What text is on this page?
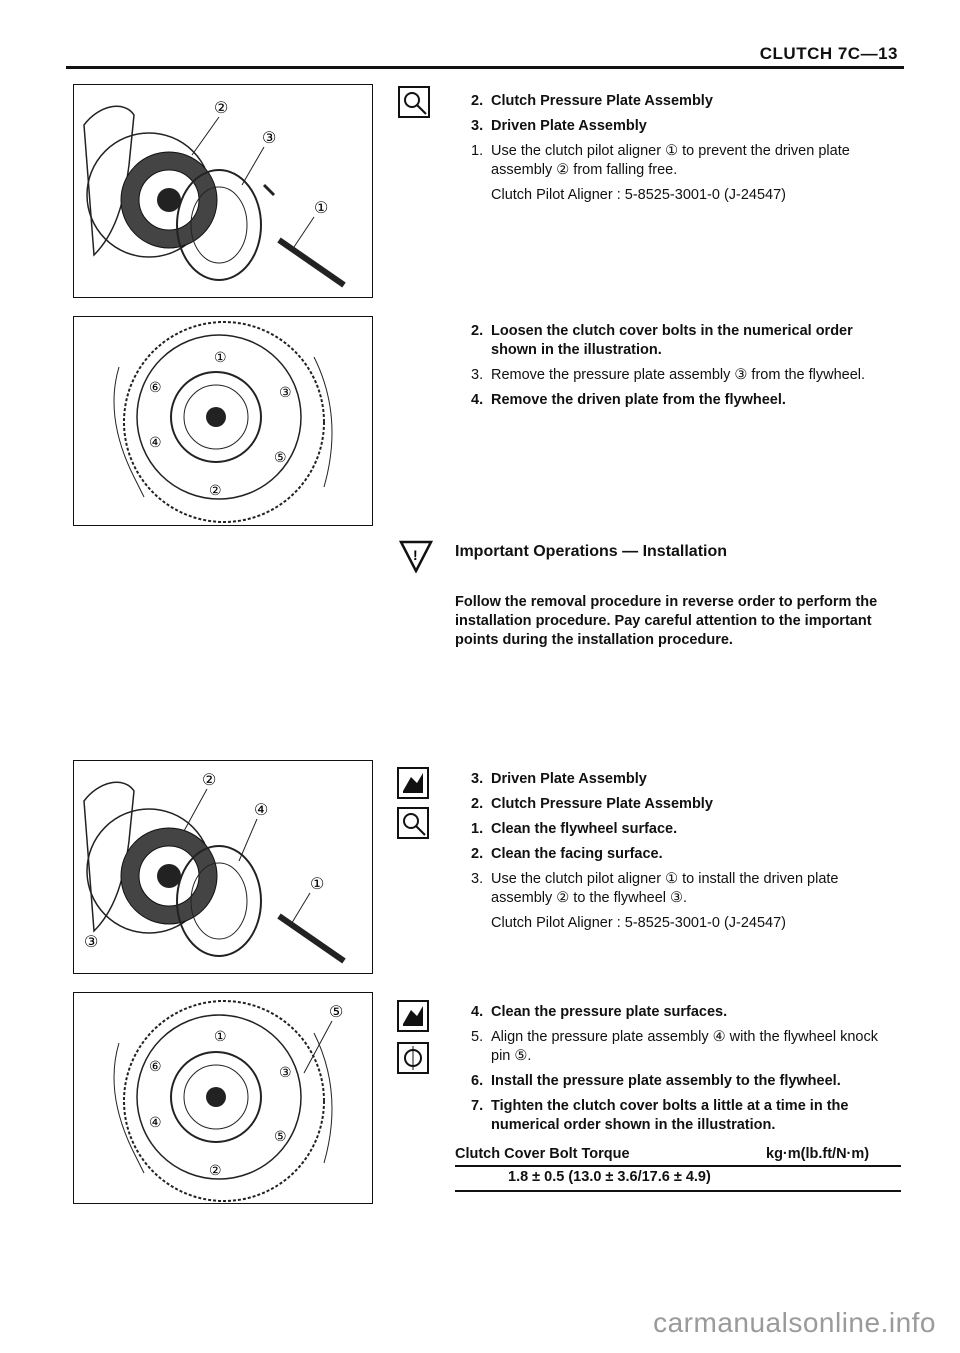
CLUTCH 7C—13
②
③
①
①
③
⑤
②
④
⑥
2. Clutch Pressure Plate Assembly
3. Driven Plate Assembly
1. Use the clutch pilot aligner ① to prevent the driven plate assembly ② from falling free.
Clutch Pilot Aligner : 5-8525-3001-0 (J-24547)
2. Loosen the clutch cover bolts in the numerical order shown in the illustration.
3. Remove the pressure plate assembly ③ from the flywheel.
4. Remove the driven plate from the flywheel.
! Important Operations — Installation
Follow the removal procedure in reverse order to perform the installation procedure. Pay careful attention to the important points during the installation procedure.
②
④
①
③
⑤
①
③
⑤
②
④
⑥
3. Driven Plate Assembly
2. Clutch Pressure Plate Assembly
1. Clean the flywheel surface.
2. Clean the facing surface.
3. Use the clutch pilot aligner ① to install the driven plate assembly ② to the flywheel ③.
Clutch Pilot Aligner : 5-8525-3001-0 (J-24547)
4. Clean the pressure plate surfaces.
5. Align the pressure plate assembly ④ with the flywheel knock pin ⑤.
6. Install the pressure plate assembly to the flywheel.
7. Tighten the clutch cover bolts a little at a time in the numerical order shown in the illustration.
Clutch Cover Bolt Torque	kg·m(lb.ft/N·m)
1.8 ± 0.5 (13.0 ± 3.6/17.6 ± 4.9)
carmanualsonline.info
